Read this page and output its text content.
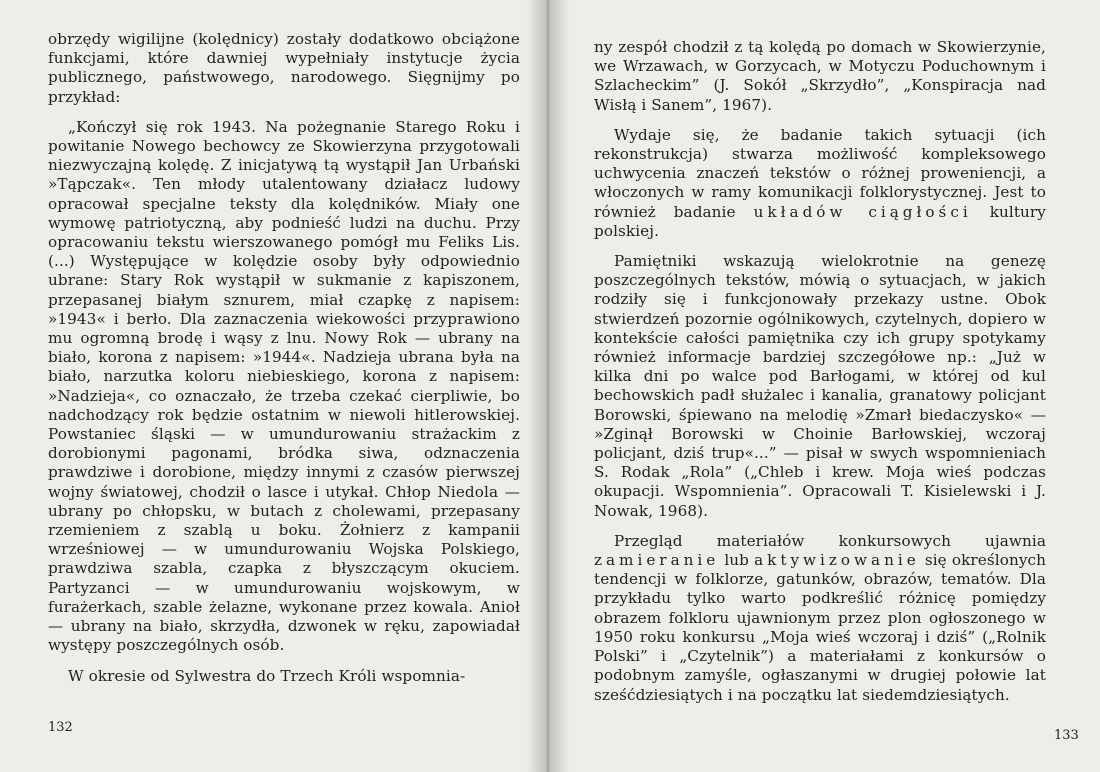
obrzędy wigilijne (kolędnicy) zostały dodatkowo obciążone funkcjami, które dawniej wypełniały instytucje życia publicznego, państwowego, narodowego. Sięgnijmy po przykład:

„Kończył się rok 1943. Na pożegnanie Starego Roku i powitanie Nowego bechowcy ze Skowierzyna przygotowali niezwyczajną kolędę. Z inicjatywą tą wystąpił Jan Urbański »Tąpczak«. Ten młody utalentowany działacz ludowy opracował specjalne teksty dla kolędników. Miały one wymowę patriotyczną, aby podnieść ludzi na duchu. Przy opracowaniu tekstu wierszowanego pomógł mu Feliks Lis. (...) Występujące w kolędzie osoby były odpowiednio ubrane: Stary Rok wystąpił w sukmanie z kapiszonem, przepasanej białym sznurem, miał czapkę z napisem: »1943« i berło. Dla zaznaczenia wiekowości przyprawiono mu ogromną brodę i wąsy z lnu. Nowy Rok — ubrany na biało, korona z napisem: »1944«. Nadzieja ubrana była na biało, narzutka koloru niebieskiego, korona z napisem: »Nadzieja«, co oznaczało, że trzeba czekać cierpliwie, bo nadchodzący rok będzie ostatnim w niewoli hitlerowskiej. Powstaniec śląski — w umundurowaniu strażackim z dorobionymi pagonami, bródka siwa, odznaczenia prawdziwe i dorobione, między innymi z czasów pierwszej wojny światowej, chodził o lasce i utykał. Chłop Niedola — ubrany po chłopsku, w butach z cholewami, przepasany rzemieniem z szablą u boku. Żołnierz z kampanii wrześniowej — w umundurowaniu Wojska Polskiego, prawdziwa szabla, czapka z błyszczącym okuciem. Partyzanci — w umundurowaniu wojskowym, w furażerkach, szable żelazne, wykonane przez kowala. Anioł — ubrany na biało, skrzydła, dzwonek w ręku, zapowiadał występy poszczególnych osób.

W okresie od Sylwestra do Trzech Króli wspomnia-

132

ny zespół chodził z tą kolędą po domach w Skowierzynie, we Wrzawach, w Gorzycach, w Motyczu Poduchownym i Szlacheckim” (J. Sokół „Skrzydło”, „Konspiracja nad Wisłą i Sanem”, 1967).

Wydaje się, że badanie takich sytuacji (ich rekonstrukcja) stwarza możliwość kompleksowego uchwycenia znaczeń tekstów o różnej proweniencji, a włoczonych w ramy komunikacji folklorystycznej. Jest to również badanie układów ciągłości kultury polskiej.

Pamiętniki wskazują wielokrotnie na genezę poszczególnych tekstów, mówią o sytuacjach, w jakich rodziły się i funkcjonowały przekazy ustne. Obok stwierdzeń pozornie ogólnikowych, czytelnych, dopiero w kontekście całości pamiętnika czy ich grupy spotykamy również informacje bardziej szczegółowe np.: „Już w kilka dni po walce pod Barłogami, w której od kul bechowskich padł służalec i kanalia, granatowy policjant Borowski, śpiewano na melodię »Zmarł biedaczysko« — »Zginął Borowski w Choinie Barłowskiej, wczoraj policjant, dziś trup«...” — pisał w swych wspomnieniach S. Rodak „Rola” („Chleb i krew. Moja wieś podczas okupacji. Wspomnienia”. Opracowali T. Kisielewski i J. Nowak, 1968).

Przegląd materiałów konkursowych ujawnia zamieranie lub aktywizowanie się określonych tendencji w folklorze, gatunków, obrazów, tematów. Dla przykładu tylko warto podkreślić różnicę pomiędzy obrazem folkloru ujawnionym przez plon ogłoszonego w 1950 roku konkursu „Moja wieś wczoraj i dziś” („Rolnik Polski” i „Czytelnik”) a materiałami z konkursów o podobnym zamyśle, ogłaszanymi w drugiej połowie lat sześćdziesiątych i na początku lat siedemdziesiątych.

133
